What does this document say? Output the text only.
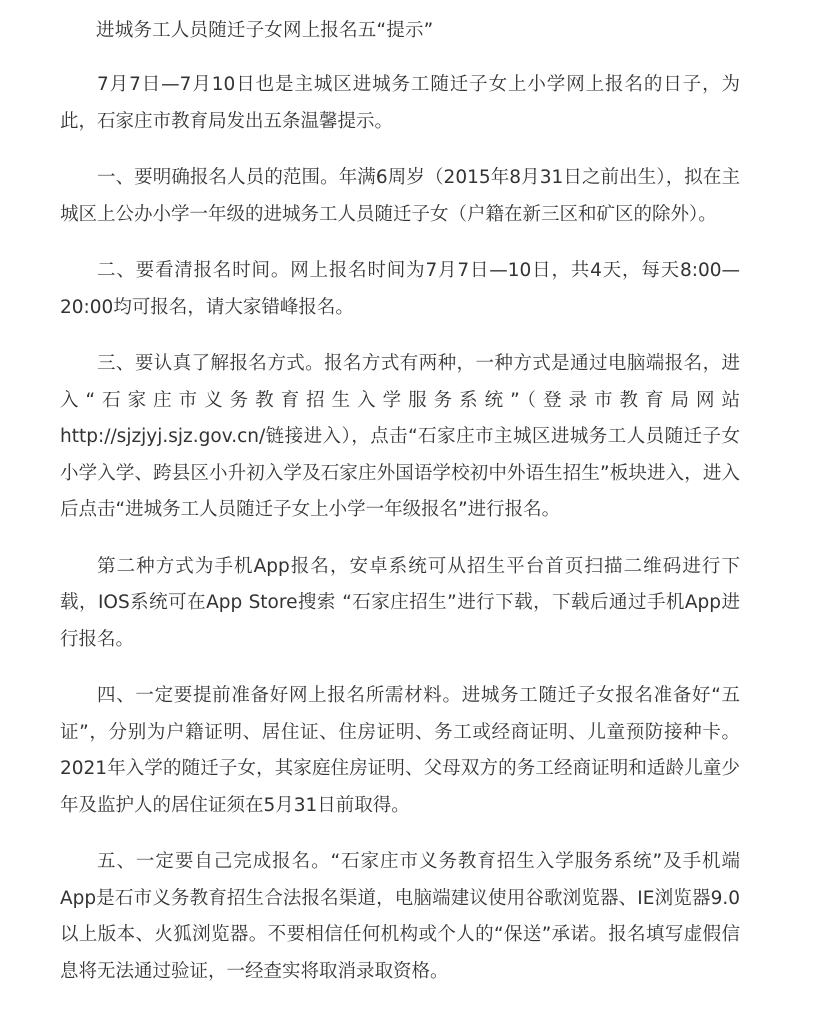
进城务工人员随迁子女网上报名五“提示”

7月7日—7月10日也是主城区进城务工随迁子女上小学网上报名的日子，为此，石家庄市教育局发出五条温馨提示。

一、要明确报名人员的范围。年满6周岁（2015年8月31日之前出生），拟在主城区上公办小学一年级的进城务工人员随迁子女（户籍在新三区和矿区的除外）。

二、要看清报名时间。网上报名时间为7月7日—10日，共4天，每天8:00—20:00均可报名，请大家错峰报名。

三、要认真了解报名方式。报名方式有两种，一种方式是通过电脑端报名，进入“石家庄市义务教育招生入学服务系统”（登录市教育局网站http://sjzjyj.sjz.gov.cn/链接进入），点击“石家庄市主城区进城务工人员随迁子女小学入学、跨县区小升初入学及石家庄外国语学校初中外语生招生”板块进入，进入后点击“进城务工人员随迁子女上小学一年级报名”进行报名。

第二种方式为手机App报名，安卓系统可从招生平台首页扫描二维码进行下载，IOS系统可在App Store搜索 “石家庄招生”进行下载，下载后通过手机App进行报名。

四、一定要提前准备好网上报名所需材料。进城务工随迁子女报名准备好“五证”，分别为户籍证明、居住证、住房证明、务工或经商证明、儿童预防接种卡。2021年入学的随迁子女，其家庭住房证明、父母双方的务工经商证明和适龄儿童少年及监护人的居住证须在5月31日前取得。

五、一定要自己完成报名。“石家庄市义务教育招生入学服务系统”及手机端App是石市义务教育招生合法报名渠道，电脑端建议使用谷歌浏览器、IE浏览器9.0以上版本、火狐浏览器。不要相信任何机构或个人的“保送”承诺。报名填写虚假信息将无法通过验证，一经查实将取消录取资格。
